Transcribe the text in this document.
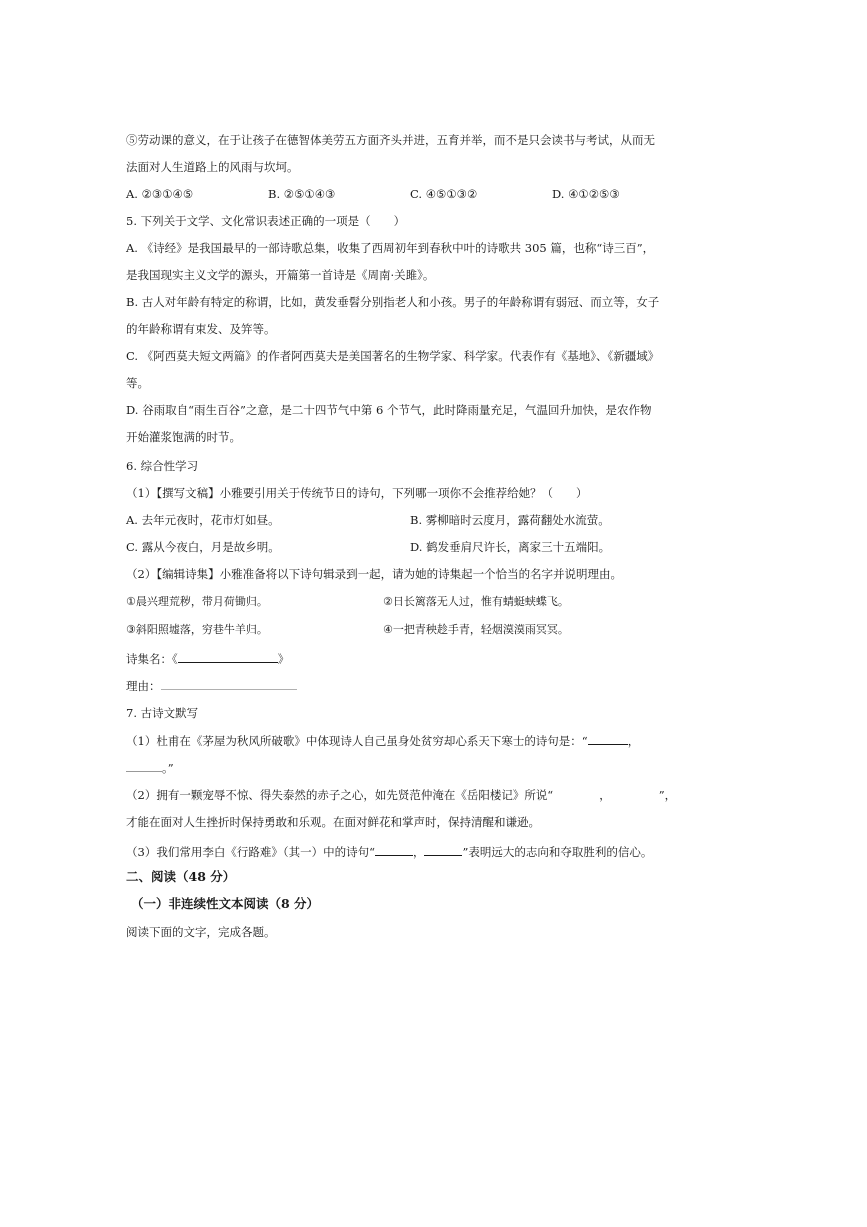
⑤劳动课的意义，在于让孩子在德智体美劳五方面齐头并进，五育并举，而不是只会读书与考试，从而无
法面对人生道路上的风雨与坎坷。
A. ②③①④⑤	B. ②⑤①④③	C. ④⑤①③②	D. ④①②⑤③
5. 下列关于文学、文化常识表述正确的一项是（　　）
A. 《诗经》是我国最早的一部诗歌总集，收集了西周初年到春秋中叶的诗歌共 305 篇，也称“诗三百”，
是我国现实主义文学的源头，开篇第一首诗是《周南·关雎》。
B. 古人对年龄有特定的称谓，比如，黄发垂髫分别指老人和小孩。男子的年龄称谓有弱冠、而立等，女子
的年龄称谓有束发、及笄等。
C. 《阿西莫夫短文两篇》的作者阿西莫夫是美国著名的生物学家、科学家。代表作有《基地》、《新疆域》
等。
D. 谷雨取自“雨生百谷”之意，是二十四节气中第 6 个节气，此时降雨量充足，气温回升加快，是农作物
开始灌浆饱满的时节。
6. 综合性学习
（1）【撰写文稿】小雅要引用关于传统节日的诗句，下列哪一项你不会推荐给她？（　　）
A. 去年元夜时，花市灯如昼。	B. 雾柳暗时云度月，露荷翻处水流萤。
C. 露从今夜白，月是故乡明。	D. 鹤发垂肩尺许长，离家三十五端阳。
（2）【编辑诗集】小雅准备将以下诗句辑录到一起，请为她的诗集起一个恰当的名字并说明理由。
①晨兴理荒秽，带月荷锄归。	②日长篱落无人过，惟有蜻蜓蛱蝶飞。
③斜阳照墟落，穷巷牛羊归。	④一把青秧趁手青，轻烟漠漠雨冥冥。
诗集名：《	》
理由：
7. 古诗文默写
（1）杜甫在《茅屋为秋风所破歌》中体现诗人自己虽身处贫穷却心系天下寒士的诗句是：“	，
。”
（2）拥有一颗宠辱不惊、得失泰然的赤子之心，如先贤范仲淹在《岳阳楼记》所说“	，	”，
才能在面对人生挫折时保持勇敢和乐观。在面对鲜花和掌声时，保持清醒和谦逊。
（3）我们常用李白《行路难》（其一）中的诗句“	，	”表明远大的志向和夺取胜利的信心。
二、阅读（48 分）
（一）非连续性文本阅读（8 分）
阅读下面的文字，完成各题。
